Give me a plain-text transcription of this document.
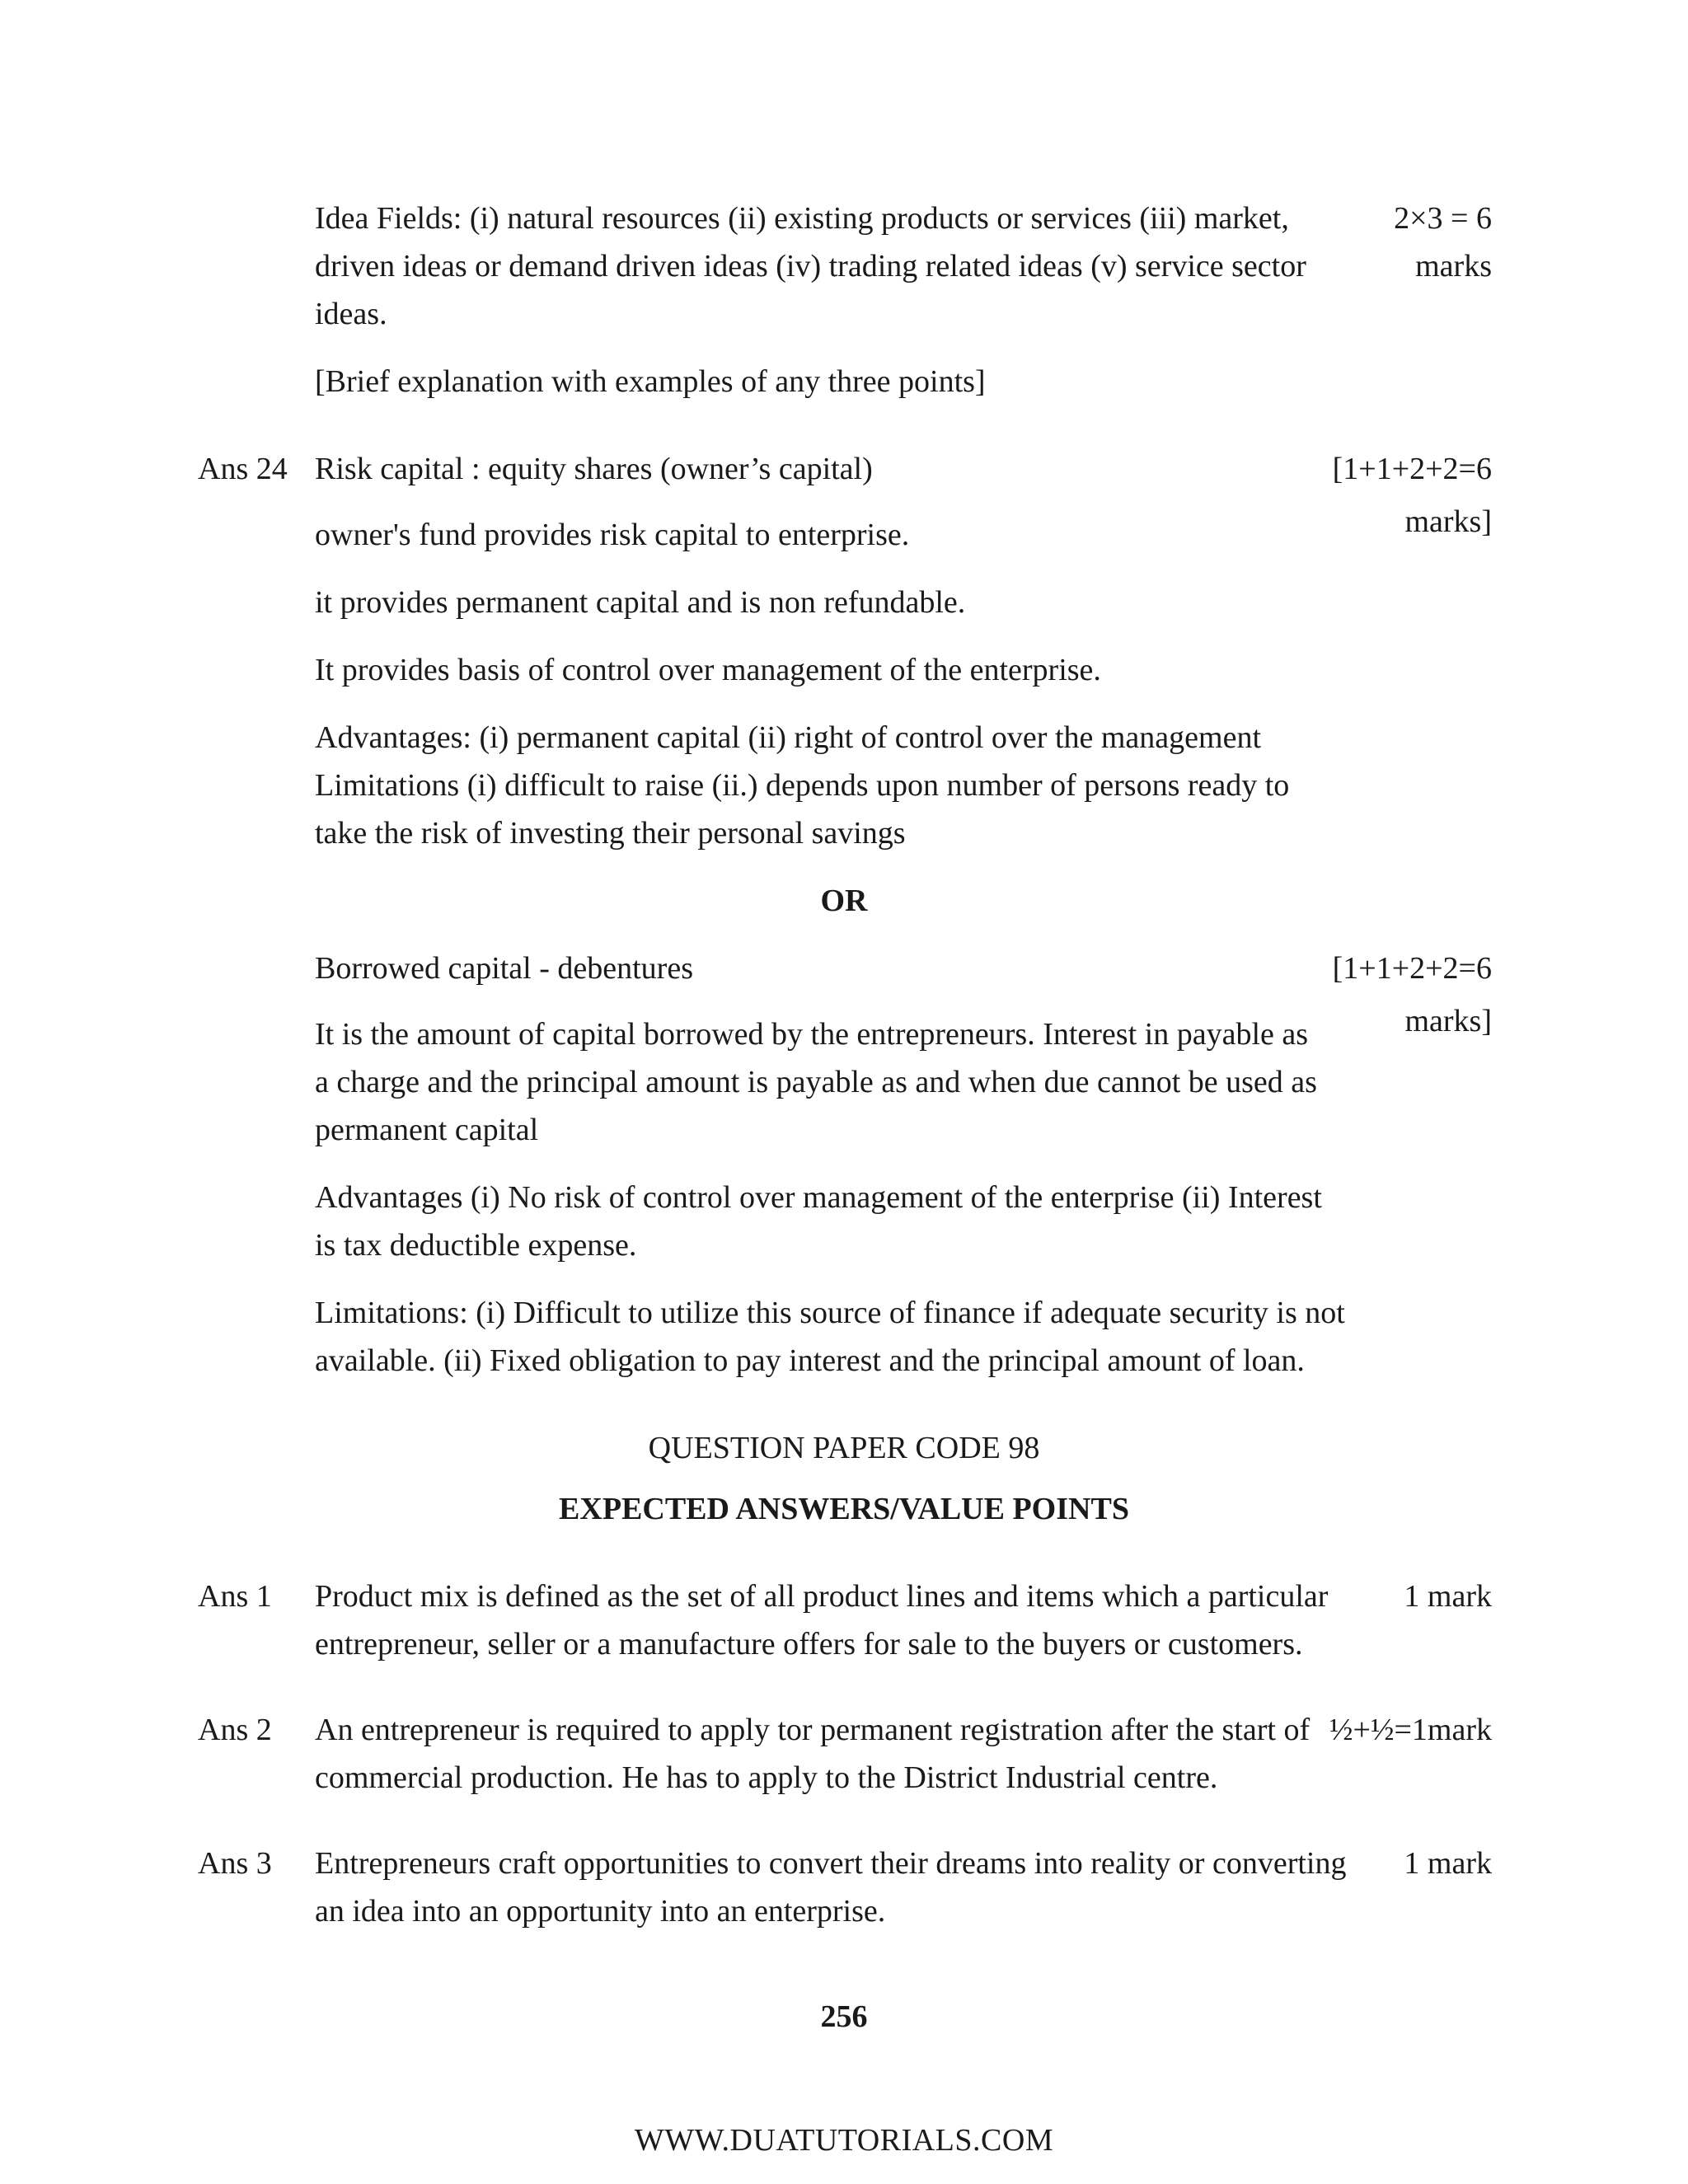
Idea Fields: (i) natural resources (ii) existing products or services (iii) market,
driven ideas or demand driven ideas (iv) trading related ideas (v) service sector
ideas.
[Brief explanation with examples of any three points]
2×3 = 6
marks
Ans 24 Risk capital : equity shares (owner’s capital)	[1+1+2+2=6
marks]
owner's fund provides risk capital to enterprise.
it provides permanent capital and is non refundable.
It provides basis of control over management of the enterprise.
Advantages: (i) permanent capital (ii) right of control over the management
Limitations (i) difficult to raise (ii.) depends upon number of persons ready to
take the risk of investing their personal savings
OR
Borrowed capital - debentures	[1+1+2+2=6
marks]
It is the amount of capital borrowed by the entrepreneurs. Interest in payable as
a charge and the principal amount is payable as and when due cannot be used as
permanent capital
Advantages (i) No risk of control over management of the enterprise (ii) Interest
is tax deductible expense.
Limitations: (i) Difficult to utilize this source of finance if adequate security is not
available. (ii) Fixed obligation to pay interest and the principal amount of loan.
QUESTION PAPER CODE 98
EXPECTED ANSWERS/VALUE POINTS
Ans 1 Product mix is defined as the set of all product lines and items which a particular
entrepreneur, seller or a manufacture offers for sale to the buyers or customers.
1 mark
Ans 2 An entrepreneur is required to apply tor permanent registration after the start of
commercial production. He has to apply to the District Industrial centre.
½+½=1mark
Ans 3 Entrepreneurs craft opportunities to convert their dreams into reality or converting
an idea into an opportunity into an enterprise.
1 mark
256
WWW.DUATUTORIALS.COM
